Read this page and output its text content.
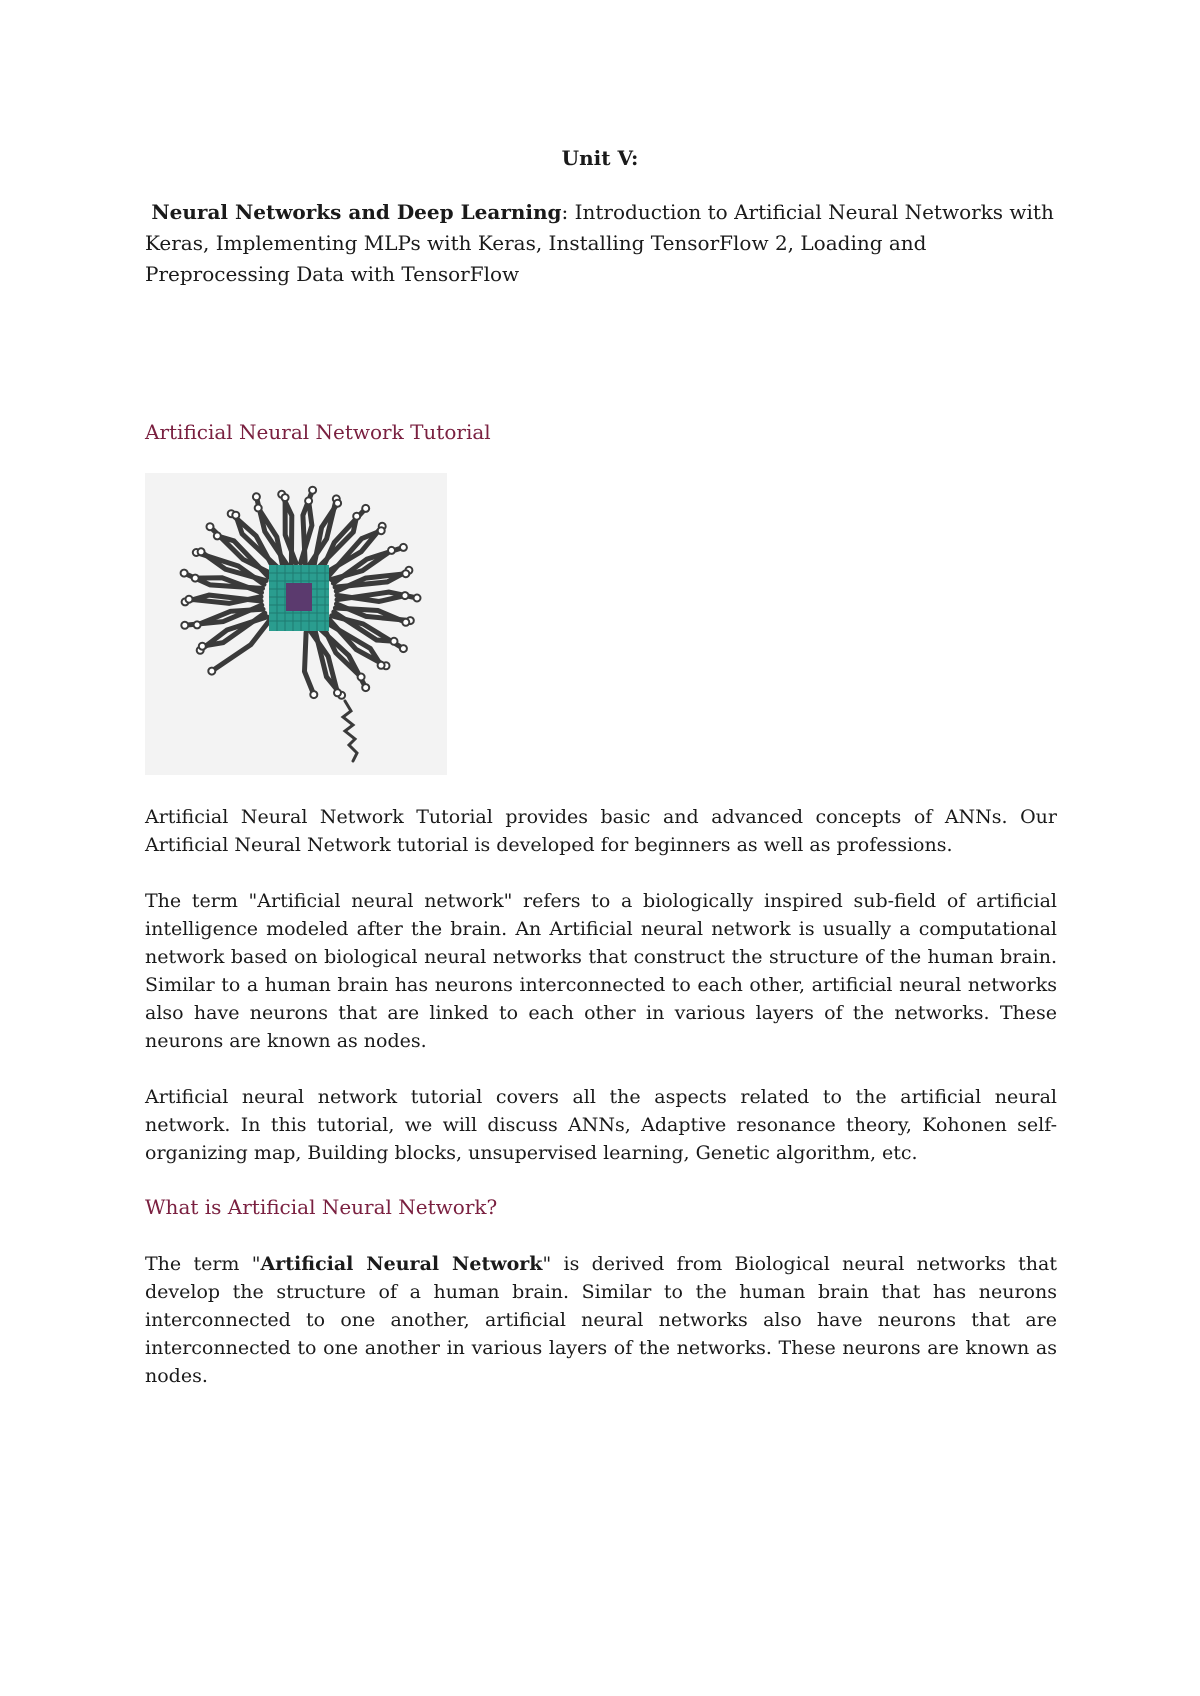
Unit V:
Neural Networks and Deep Learning: Introduction to Artificial Neural Networks with Keras, Implementing MLPs with Keras, Installing TensorFlow 2, Loading and Preprocessing Data with TensorFlow
Artificial Neural Network Tutorial
Artificial Neural Network Tutorial provides basic and advanced concepts of ANNs. Our Artificial Neural Network tutorial is developed for beginners as well as professions.
The term "Artificial neural network" refers to a biologically inspired sub-field of artificial intelligence modeled after the brain. An Artificial neural network is usually a computational network based on biological neural networks that construct the structure of the human brain. Similar to a human brain has neurons interconnected to each other, artificial neural networks also have neurons that are linked to each other in various layers of the networks. These neurons are known as nodes.
Artificial neural network tutorial covers all the aspects related to the artificial neural network. In this tutorial, we will discuss ANNs, Adaptive resonance theory, Kohonen self-organizing map, Building blocks, unsupervised learning, Genetic algorithm, etc.
What is Artificial Neural Network?
The term "Artificial Neural Network" is derived from Biological neural networks that develop the structure of a human brain. Similar to the human brain that has neurons interconnected to one another, artificial neural networks also have neurons that are interconnected to one another in various layers of the networks. These neurons are known as nodes.
